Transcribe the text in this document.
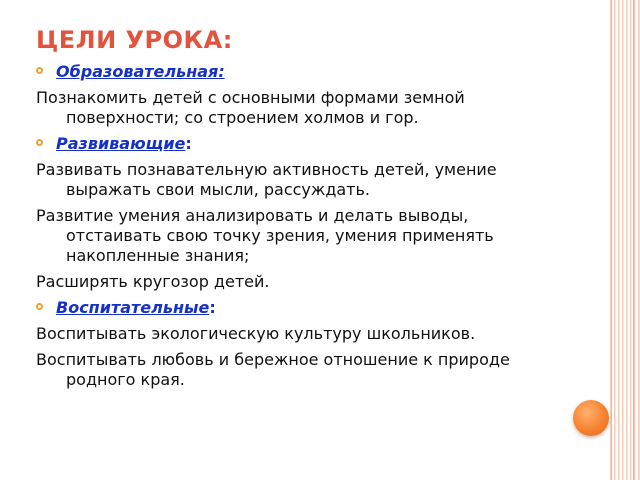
ЦЕЛИ УРОКА:
Образовательная:
Познакомить детей с основными формами земной поверхности; со строением холмов и гор.
Развивающие:
Развивать познавательную активность детей, умение выражать свои мысли, рассуждать.
Развитие умения анализировать и делать выводы, отстаивать свою точку зрения, умения применять накопленные знания;
Расширять кругозор детей.
Воспитательные:
Воспитывать экологическую культуру школьников.
Воспитывать любовь и бережное отношение к природе родного края.
